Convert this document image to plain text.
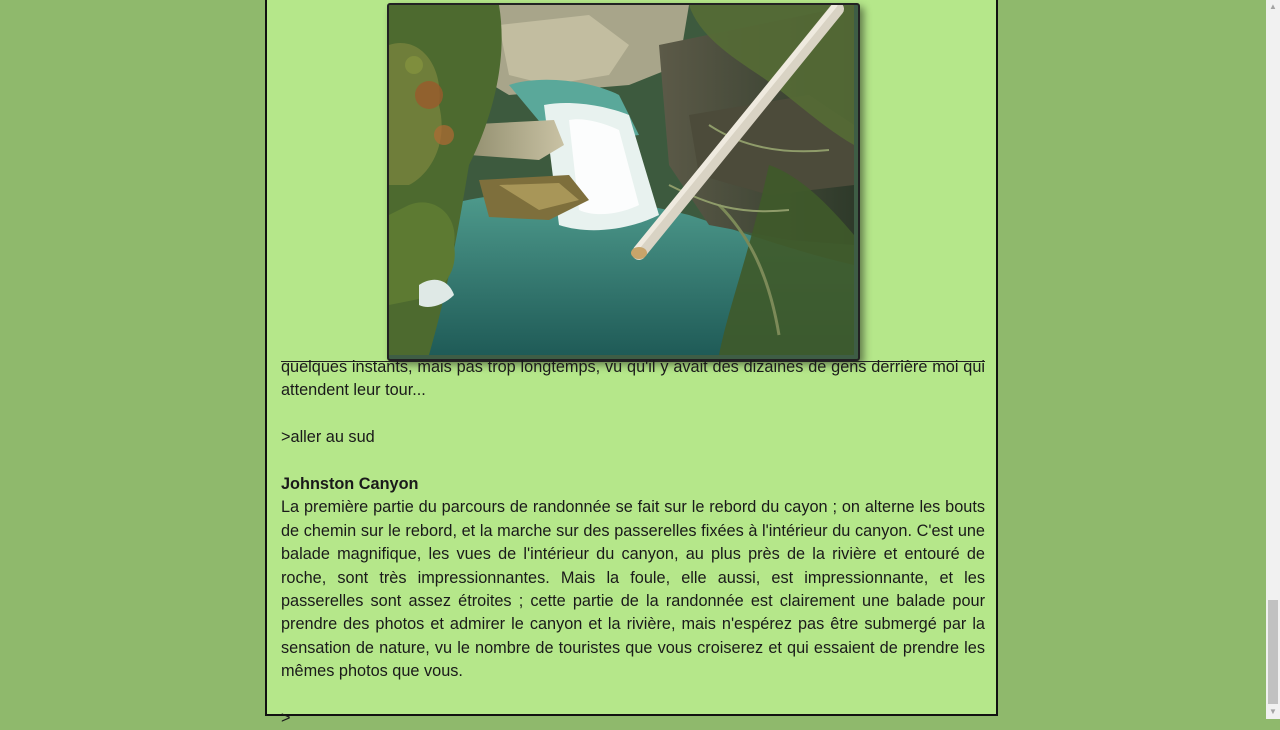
quelques instants, mais pas trop longtemps, vu qu'il y avait des dizaines de gens derrière moi qui attendent leur tour...

>aller au sud

Johnston Canyon

La première partie du parcours de randonnée se fait sur le rebord du cayon ; on alterne les bouts de chemin sur le rebord, et la marche sur des passerelles fixées à l'intérieur du canyon. C'est une balade magnifique, les vues de l'intérieur du canyon, au plus près de la rivière et entouré de roche, sont très impressionnantes. Mais la foule, elle aussi, est impressionnante, et les passerelles sont assez étroites ; cette partie de la randonnée est clairement une balade pour prendre des photos et admirer le canyon et la rivière, mais n'espérez pas être submergé par la sensation de nature, vu le nombre de touristes que vous croiserez et qui essaient de prendre les mêmes photos que vous.

>

▲
▼
